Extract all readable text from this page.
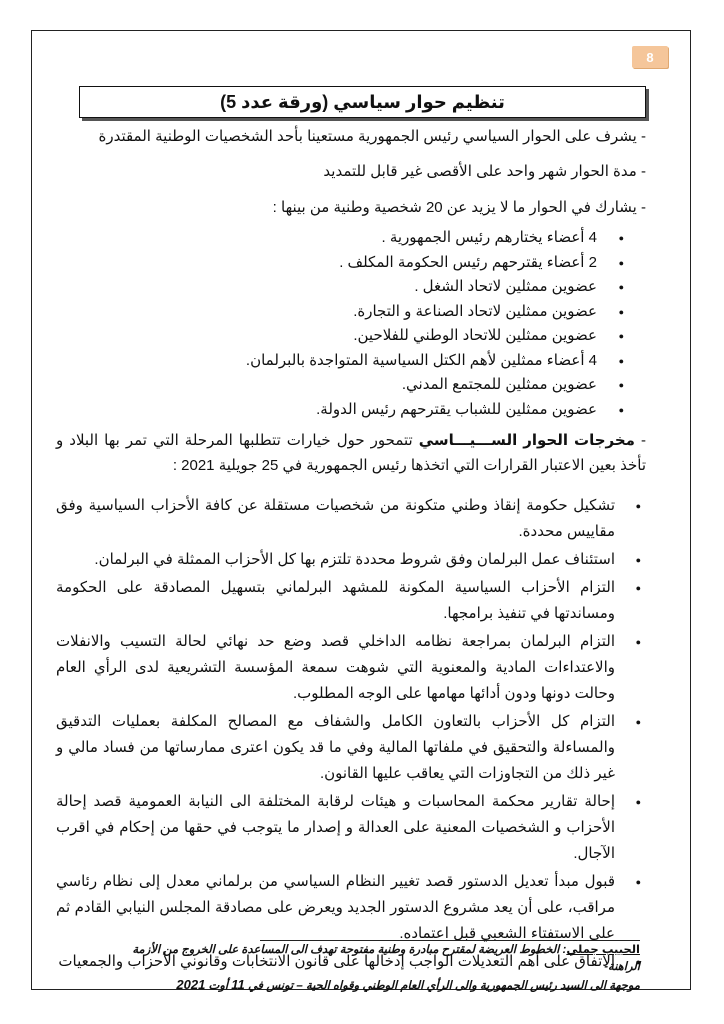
8
تنظيم حوار سياسي (ورقة عدد 5)

- يشرف على الحوار السياسي رئيس الجمهورية مستعينا بأحد الشخصيات الوطنية المقتدرة

- مدة الحوار شهر واحد على الأقصى غير قابل للتمديد

- يشارك في الحوار ما لا يزيد عن 20 شخصية وطنية من بينها :

● 4 أعضاء يختارهم رئيس الجمهورية .
● 2 أعضاء يقترحهم رئيس الحكومة المكلف .
● عضوين ممثلين لاتحاد الشغل .
● عضوين ممثلين لاتحاد الصناعة و التجارة.
● عضوين ممثلين للاتحاد الوطني للفلاحين.
● 4 أعضاء ممثلين لأهم الكتل السياسية المتواجدة بالبرلمان.
● عضوين ممثلين للمجتمع المدني.
● عضوين ممثلين للشباب يقترحهم رئيس الدولة.

- مخرجات الحوار الســـيـــاسي تتمحور حول خيارات تتطلبها المرحلة التي تمر بها البلاد و تأخذ بعين الاعتبار القرارات التي اتخذها رئيس الجمهورية في 25 جويلية 2021 :

● تشكيل حكومة إنقاذ وطني متكونة من شخصيات مستقلة عن كافة الأحزاب السياسية وفق مقاييس محددة.
● استئناف عمل البرلمان وفق شروط محددة تلتزم بها كل الأحزاب الممثلة في البرلمان.
● التزام الأحزاب السياسية المكونة للمشهد البرلماني بتسهيل المصادقة على الحكومة ومساندتها في تنفيذ برامجها.
● التزام البرلمان بمراجعة نظامه الداخلي قصد وضع حد نهائي لحالة التسيب والانفلات والاعتداءات المادية والمعنوية التي شوهت سمعة المؤسسة التشريعية لدى الرأي العام وحالت دونها ودون أدائها مهامها على الوجه المطلوب.
● التزام كل الأحزاب بالتعاون الكامل والشفاف مع المصالح المكلفة بعمليات التدقيق والمساءلة والتحقيق في ملفاتها المالية وفي ما قد يكون اعترى ممارساتها من فساد مالي و غير ذلك من التجاوزات التي يعاقب عليها القانون.
● إحالة تقارير محكمة المحاسبات و هيئات لرقابة المختلفة الى النيابة العمومية قصد إحالة الأحزاب و الشخصيات المعنية على العدالة و إصدار ما يتوجب في حقها من إحكام في اقرب الآجال.
● قبول مبدأ تعديل الدستور قصد تغيير النظام السياسي من برلماني معدل إلى نظام رئاسي مراقب، على أن يعد مشروع الدستور الجديد ويعرض على مصادقة المجلس النيابي القادم ثم على الاستفتاء الشعبي قبل اعتماده.
● الاتفاق على أهم التعديلات الواجب إدخالها على قانون الانتخابات وقانوني الأحزاب والجمعيات
الحبيب جملي: الخطوط العريضة لمقترح مبادرة وطنية مفتوحة تهدف الى المساعدة على الخروج من الأزمة الراهنة-
موجهة الى السيد رئيس الجمهورية والى الرأي العام الوطني وقواه الحية – تونس في 11 أوت 2021
